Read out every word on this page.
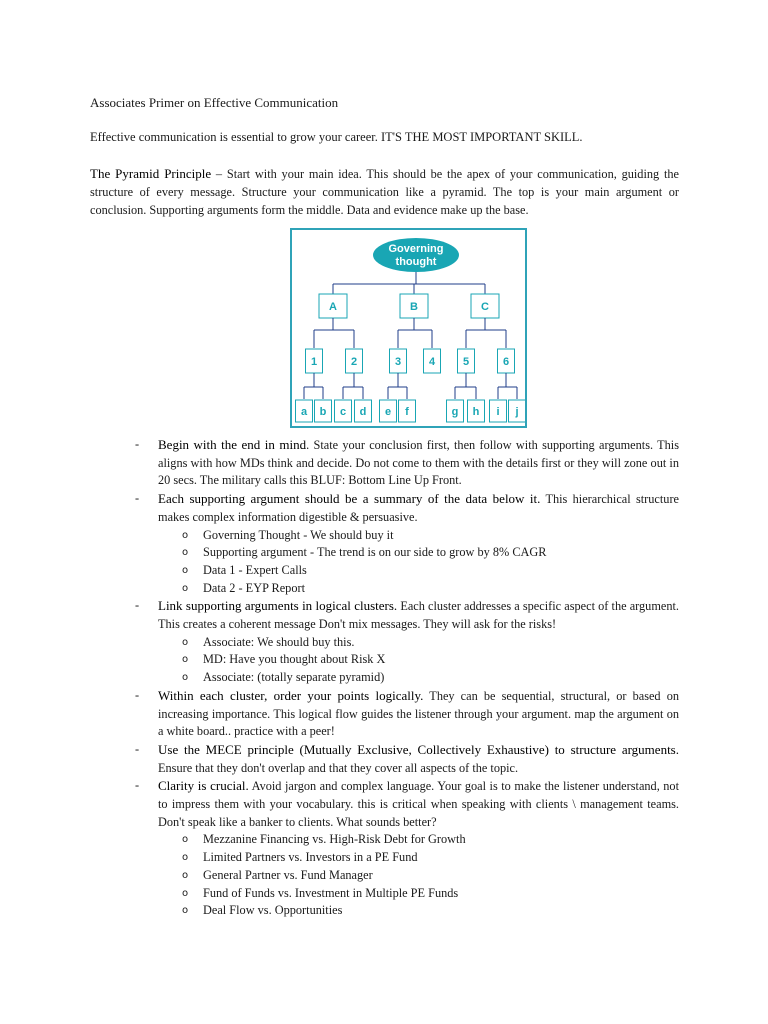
Associates Primer on Effective Communication
Effective communication is essential to grow your career. IT'S THE MOST IMPORTANT SKILL.
The Pyramid Principle – Start with your main idea. This should be the apex of your communication, guiding the structure of every message. Structure your communication like a pyramid. The top is your main argument or conclusion. Supporting arguments form the middle. Data and evidence make up the base.
Governing
thought
A	B	C
1	2	3	4	5	6
a b c d e f	g h i j
- Begin with the end in mind. State your conclusion first, then follow with supporting arguments. This aligns with how MDs think and decide. Do not come to them with the details first or they will zone out in 20 secs. The military calls this BLUF: Bottom Line Up Front.
- Each supporting argument should be a summary of the data below it. This hierarchical structure makes complex information digestible & persuasive.
o Governing Thought - We should buy it
o Supporting argument - The trend is on our side to grow by 8% CAGR
o Data 1 - Expert Calls
o Data 2 - EYP Report
- Link supporting arguments in logical clusters. Each cluster addresses a specific aspect of the argument. This creates a coherent message Don't mix messages. They will ask for the risks!
o Associate: We should buy this.
o MD: Have you thought about Risk X
o Associate: (totally separate pyramid)
- Within each cluster, order your points logically. They can be sequential, structural, or based on increasing importance. This logical flow guides the listener through your argument. map the argument on a white board.. practice with a peer!
- Use the MECE principle (Mutually Exclusive, Collectively Exhaustive) to structure arguments. Ensure that they don't overlap and that they cover all aspects of the topic.
- Clarity is crucial. Avoid jargon and complex language. Your goal is to make the listener understand, not to impress them with your vocabulary. this is critical when speaking with clients \ management teams. Don't speak like a banker to clients. What sounds better?
o Mezzanine Financing vs. High-Risk Debt for Growth
o Limited Partners vs. Investors in a PE Fund
o General Partner vs. Fund Manager
o Fund of Funds vs. Investment in Multiple PE Funds
o Deal Flow vs. Opportunities
